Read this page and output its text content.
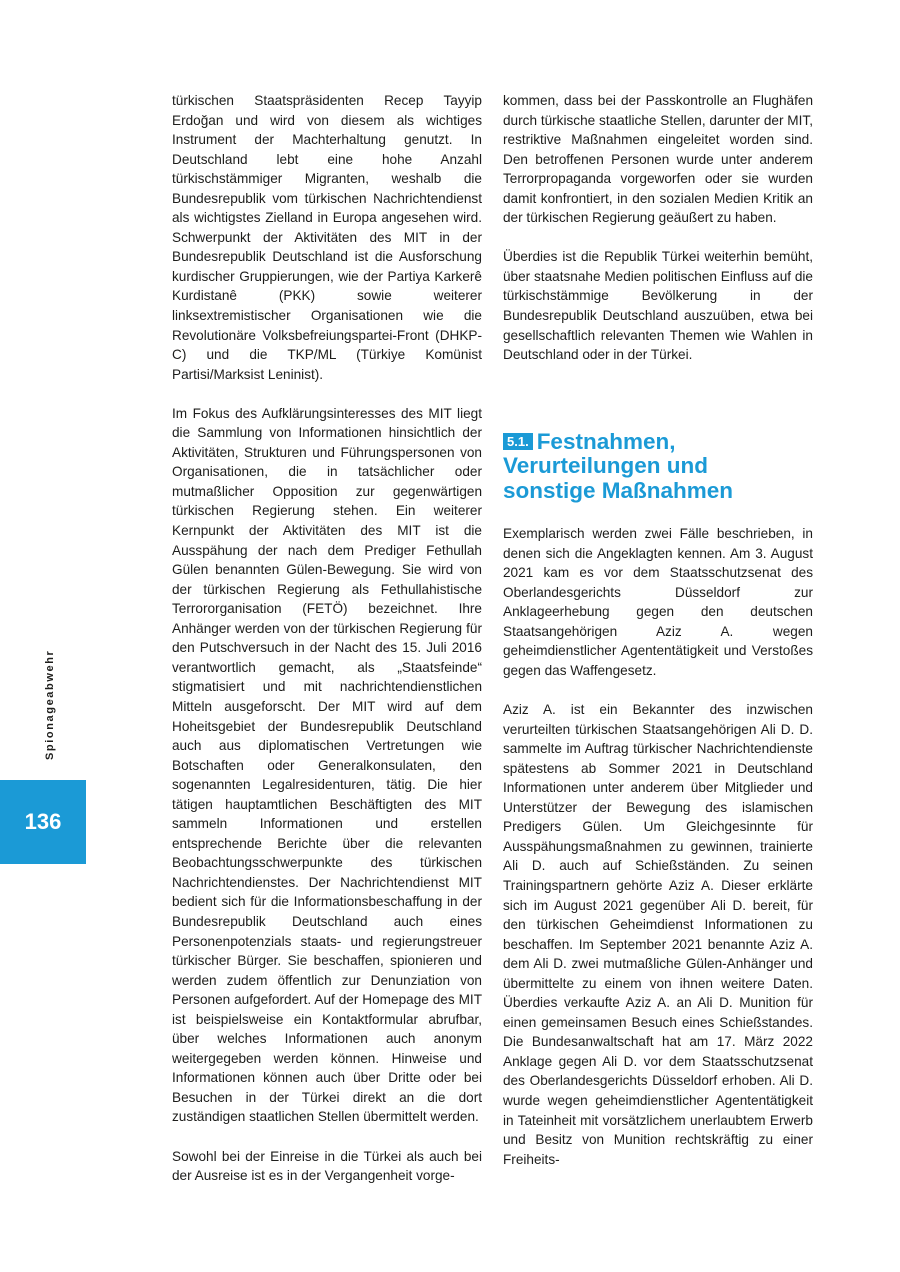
Spionageabwehr
136

türkischen Staatspräsidenten Recep Tayyip Erdoğan und wird von diesem als wichtiges Instrument der Machterhaltung genutzt. In Deutschland lebt eine hohe Anzahl türkischstämmiger Migranten, weshalb die Bundesrepublik vom türkischen Nachrichtendienst als wichtigstes Zielland in Europa angesehen wird. Schwerpunkt der Aktivitäten des MIT in der Bundesrepublik Deutschland ist die Ausforschung kurdischer Gruppierungen, wie der Partiya Karkerê Kurdistanê (PKK) sowie weiterer linksextremistischer Organisationen wie die Revolutionäre Volksbefreiungspartei-Front (DHKP-C) und die TKP/ML (Türkiye Komünist Partisi/Marksist Leninist).

Im Fokus des Aufklärungsinteresses des MIT liegt die Sammlung von Informationen hinsichtlich der Aktivitäten, Strukturen und Führungspersonen von Organisationen, die in tatsächlicher oder mutmaßlicher Opposition zur gegenwärtigen türkischen Regierung stehen. Ein weiterer Kernpunkt der Aktivitäten des MIT ist die Ausspähung der nach dem Prediger Fethullah Gülen benannten Gülen-Bewegung. Sie wird von der türkischen Regierung als Fethullahistische Terrororganisation (FETÖ) bezeichnet. Ihre Anhänger werden von der türkischen Regierung für den Putschversuch in der Nacht des 15. Juli 2016 verantwortlich gemacht, als „Staatsfeinde“ stigmatisiert und mit nachrichtendienstlichen Mitteln ausgeforscht. Der MIT wird auf dem Hoheitsgebiet der Bundesrepublik Deutschland auch aus diplomatischen Vertretungen wie Botschaften oder Generalkonsulaten, den sogenannten Legalresidenturen, tätig. Die hier tätigen hauptamtlichen Beschäftigten des MIT sammeln Informationen und erstellen entsprechende Berichte über die relevanten Beobachtungsschwerpunkte des türkischen Nachrichtendienstes. Der Nachrichtendienst MIT bedient sich für die Informationsbeschaffung in der Bundesrepublik Deutschland auch eines Personenpotenzials staats- und regierungstreuer türkischer Bürger. Sie beschaffen, spionieren und werden zudem öffentlich zur Denunziation von Personen aufgefordert. Auf der Homepage des MIT ist beispielsweise ein Kontaktformular abrufbar, über welches Informationen auch anonym weitergegeben werden können. Hinweise und Informationen können auch über Dritte oder bei Besuchen in der Türkei direkt an die dort zuständigen staatlichen Stellen übermittelt werden.

Sowohl bei der Einreise in die Türkei als auch bei der Ausreise ist es in der Vergangenheit vorge-

kommen, dass bei der Passkontrolle an Flughäfen durch türkische staatliche Stellen, darunter der MIT, restriktive Maßnahmen eingeleitet worden sind. Den betroffenen Personen wurde unter anderem Terrorpropaganda vorgeworfen oder sie wurden damit konfrontiert, in den sozialen Medien Kritik an der türkischen Regierung geäußert zu haben.

Überdies ist die Republik Türkei weiterhin bemüht, über staatsnahe Medien politischen Einfluss auf die türkischstämmige Bevölkerung in der Bundesrepublik Deutschland auszuüben, etwa bei gesellschaftlich relevanten Themen wie Wahlen in Deutschland oder in der Türkei.

5.1. Festnahmen,
Verurteilungen und
sonstige Maßnahmen

Exemplarisch werden zwei Fälle beschrieben, in denen sich die Angeklagten kennen. Am 3. August 2021 kam es vor dem Staatsschutzsenat des Oberlandesgerichts Düsseldorf zur Anklageerhebung gegen den deutschen Staatsangehörigen Aziz A. wegen geheimdienstlicher Agententätigkeit und Verstoßes gegen das Waffengesetz.

Aziz A. ist ein Bekannter des inzwischen verurteilten türkischen Staatsangehörigen Ali D. D. sammelte im Auftrag türkischer Nachrichtendienste spätestens ab Sommer 2021 in Deutschland Informationen unter anderem über Mitglieder und Unterstützer der Bewegung des islamischen Predigers Gülen. Um Gleichgesinnte für Ausspähungsmaßnahmen zu gewinnen, trainierte Ali D. auch auf Schießständen. Zu seinen Trainingspartnern gehörte Aziz A. Dieser erklärte sich im August 2021 gegenüber Ali D. bereit, für den türkischen Geheimdienst Informationen zu beschaffen. Im September 2021 benannte Aziz A. dem Ali D. zwei mutmaßliche Gülen-Anhänger und übermittelte zu einem von ihnen weitere Daten. Überdies verkaufte Aziz A. an Ali D. Munition für einen gemeinsamen Besuch eines Schießstandes. Die Bundesanwaltschaft hat am 17. März 2022 Anklage gegen Ali D. vor dem Staatsschutzsenat des Oberlandesgerichts Düsseldorf erhoben. Ali D. wurde wegen geheimdienstlicher Agententätigkeit in Tateinheit mit vorsätzlichem unerlaubtem Erwerb und Besitz von Munition rechtskräftig zu einer Freiheits-
